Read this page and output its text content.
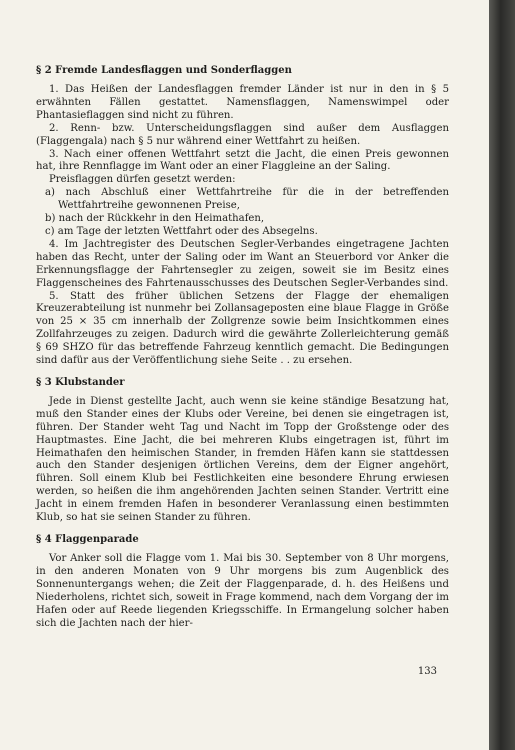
§ 2 Fremde Landesflaggen und Sonderflaggen

1. Das Heißen der Landesflaggen fremder Länder ist nur in den in § 5 erwähnten Fällen gestattet. Namensflaggen, Namenswimpel oder Phantasieflaggen sind nicht zu führen.

2. Renn- bzw. Unterscheidungsflaggen sind außer dem Ausflaggen (Flaggengala) nach § 5 nur während einer Wettfahrt zu heißen.

3. Nach einer offenen Wettfahrt setzt die Jacht, die einen Preis gewonnen hat, ihre Rennflagge im Want oder an einer Flaggleine an der Saling.

Preisflaggen dürfen gesetzt werden:

a) nach Abschluß einer Wettfahrtreihe für die in der betreffenden Wettfahrtreihe gewonnenen Preise,
b) nach der Rückkehr in den Heimathafen,
c) am Tage der letzten Wettfahrt oder des Absegelns.

4. Im Jachtregister des Deutschen Segler-Verbandes eingetragene Jachten haben das Recht, unter der Saling oder im Want an Steuerbord vor Anker die Erkennungsflagge der Fahrtensegler zu zeigen, soweit sie im Besitz eines Flaggenscheines des Fahrtenausschusses des Deutschen Segler-Verbandes sind.

5. Statt des früher üblichen Setzens der Flagge der ehemaligen Kreuzerabteilung ist nunmehr bei Zollansageposten eine blaue Flagge in Größe von 25 × 35 cm innerhalb der Zollgrenze sowie beim Insichtkommen eines Zollfahrzeuges zu zeigen. Dadurch wird die gewährte Zollerleichterung gemäß § 69 SHZO für das betreffende Fahrzeug kenntlich gemacht. Die Bedingungen sind dafür aus der Veröffentlichung siehe Seite . . zu ersehen.

§ 3 Klubstander

Jede in Dienst gestellte Jacht, auch wenn sie keine ständige Besatzung hat, muß den Stander eines der Klubs oder Vereine, bei denen sie eingetragen ist, führen. Der Stander weht Tag und Nacht im Topp der Großstenge oder des Hauptmastes. Eine Jacht, die bei mehreren Klubs eingetragen ist, führt im Heimathafen den heimischen Stander, in fremden Häfen kann sie stattdessen auch den Stander desjenigen örtlichen Vereins, dem der Eigner angehört, führen. Soll einem Klub bei Festlichkeiten eine besondere Ehrung erwiesen werden, so heißen die ihm angehörenden Jachten seinen Stander. Vertritt eine Jacht in einem fremden Hafen in besonderer Veranlassung einen bestimmten Klub, so hat sie seinen Stander zu führen.

§ 4 Flaggenparade

Vor Anker soll die Flagge vom 1. Mai bis 30. September von 8 Uhr morgens, in den anderen Monaten von 9 Uhr morgens bis zum Augenblick des Sonnenuntergangs wehen; die Zeit der Flaggenparade, d. h. des Heißens und Niederholens, richtet sich, soweit in Frage kommend, nach dem Vorgang der im Hafen oder auf Reede liegenden Kriegsschiffe. In Ermangelung solcher haben sich die Jachten nach der hier-

133
